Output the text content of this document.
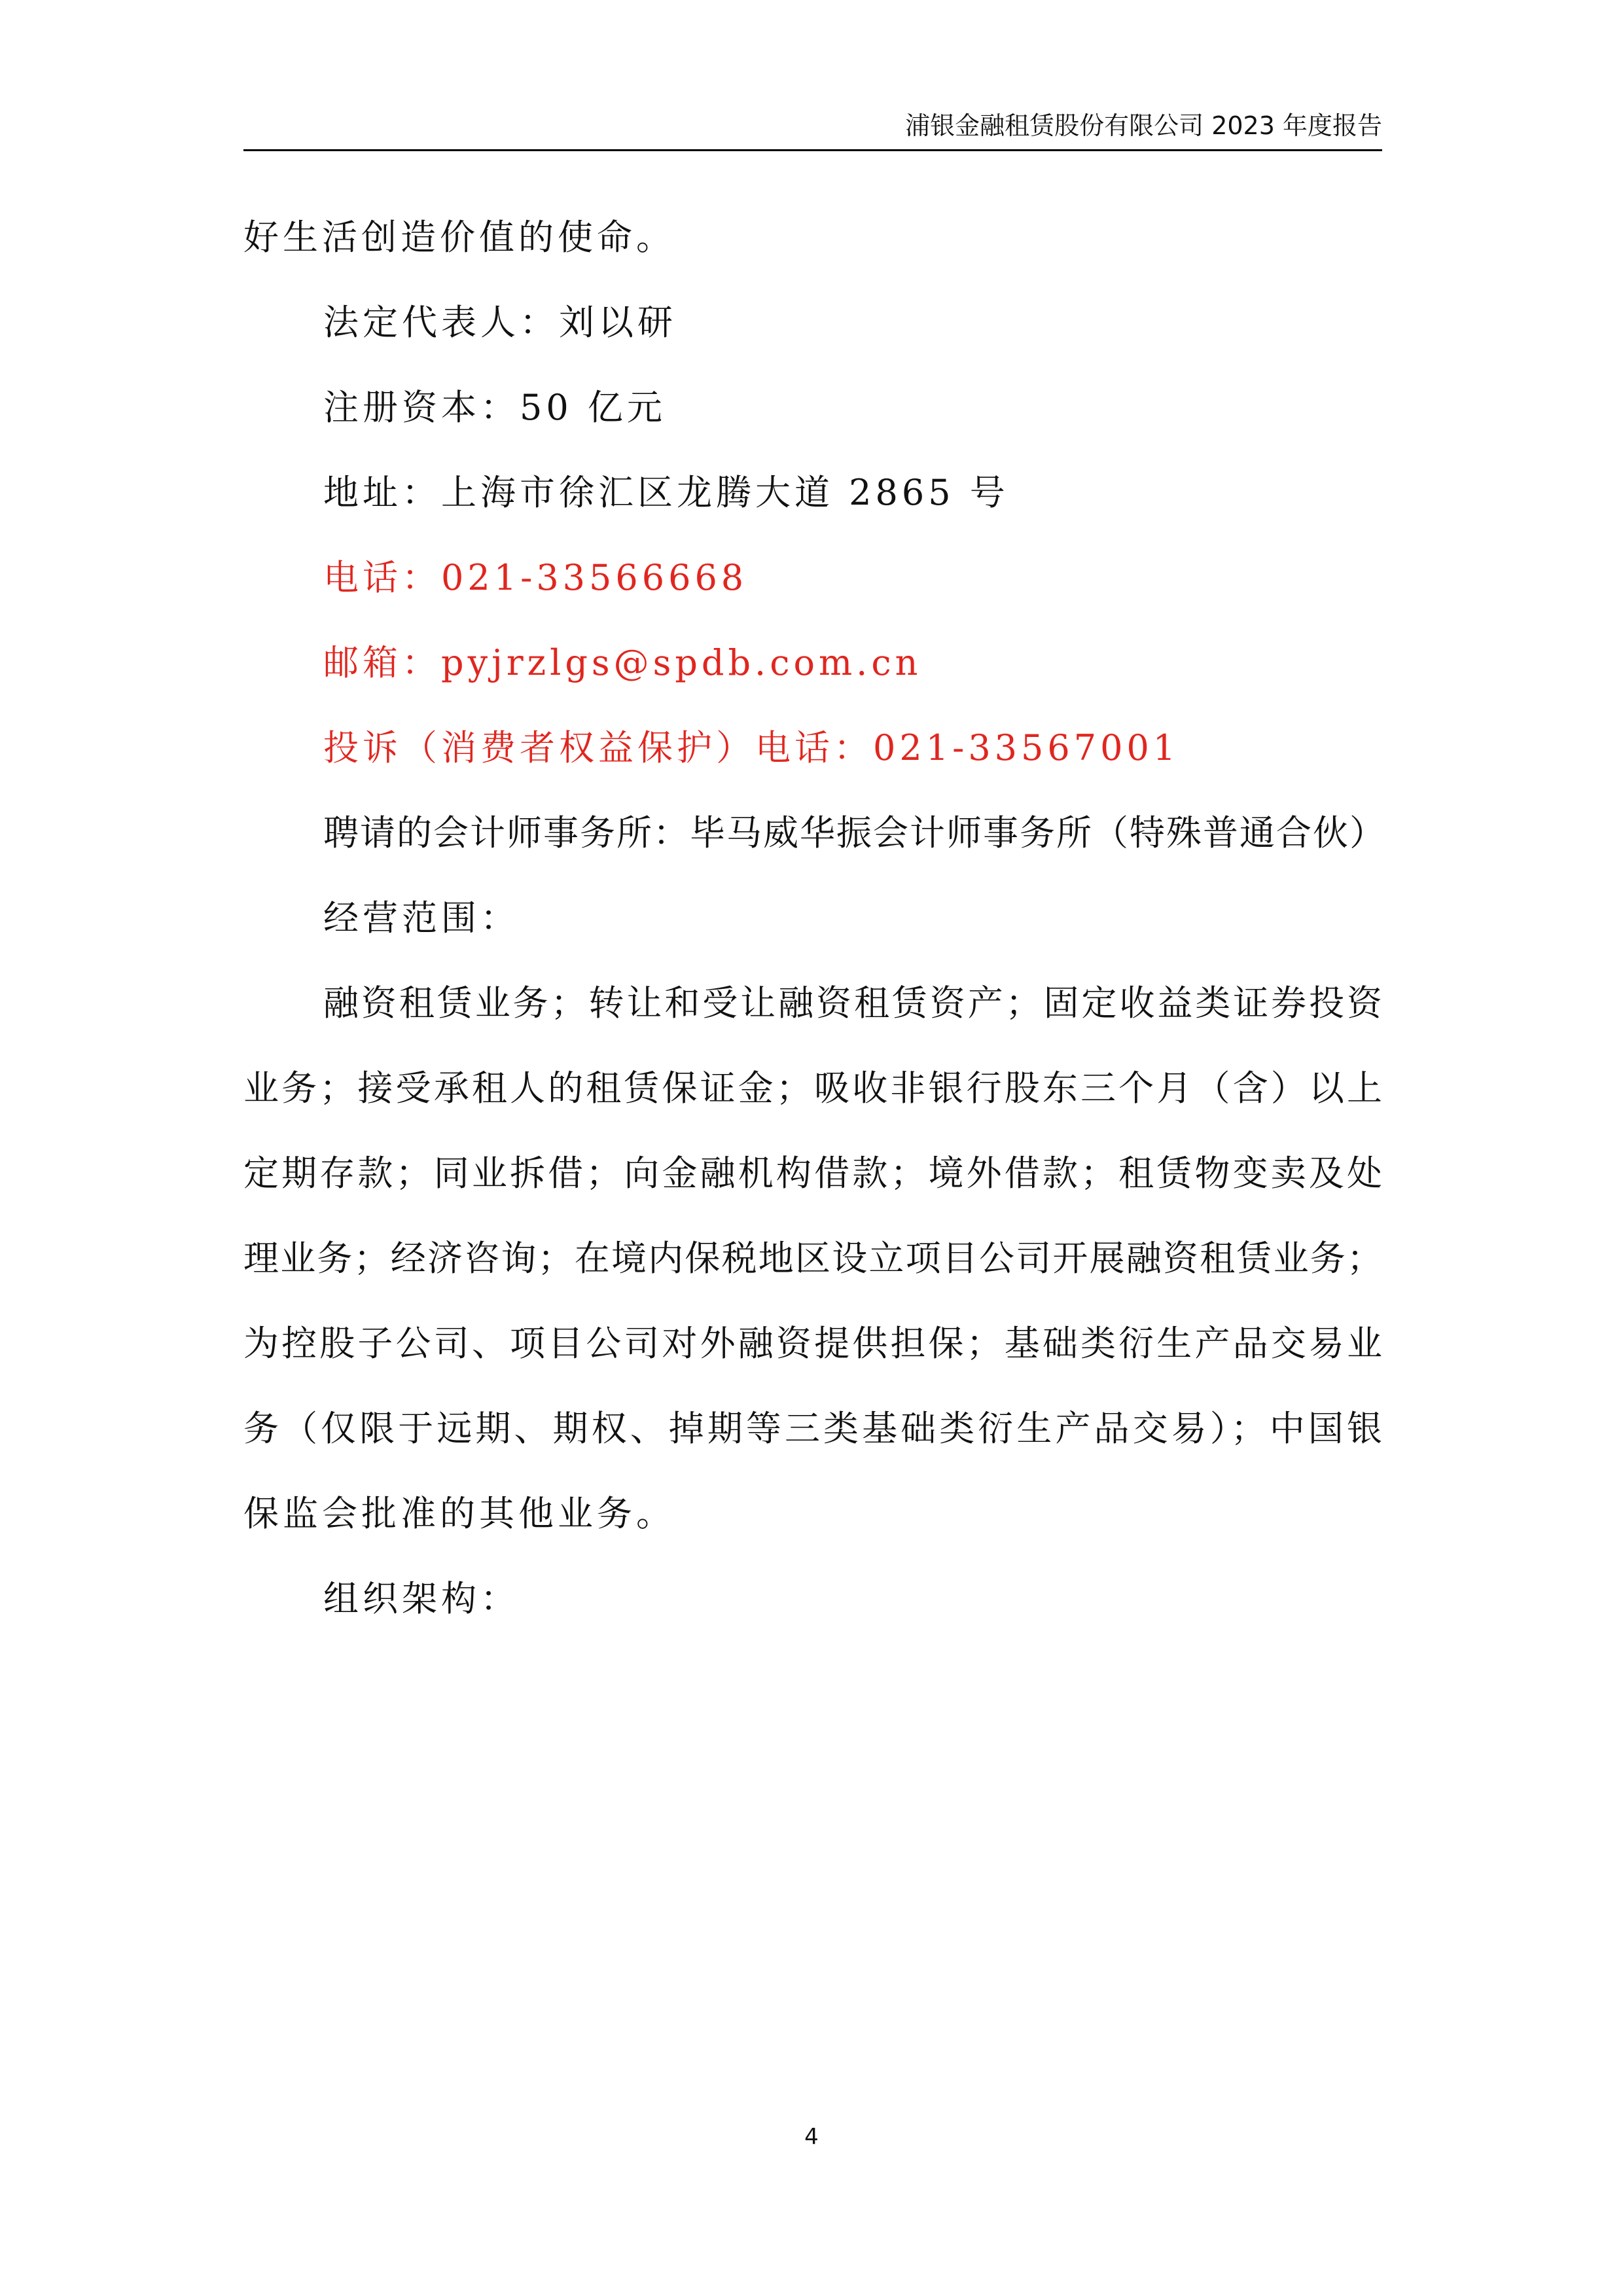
浦银金融租赁股份有限公司 2023 年度报告
好生活创造价值的使命。
法定代表人：刘以研
注册资本：50 亿元
地址：上海市徐汇区龙腾大道 2865 号
电话：021-33566668
邮箱：pyjrzlgs@spdb.com.cn
投诉（消费者权益保护）电话：021-33567001
聘请的会计师事务所：毕马威华振会计师事务所（特殊普通合伙）
经营范围：
融资租赁业务；转让和受让融资租赁资产；固定收益类证券投资
业务；接受承租人的租赁保证金；吸收非银行股东三个月（含）以上
定期存款；同业拆借；向金融机构借款；境外借款；租赁物变卖及处
理业务；经济咨询；在境内保税地区设立项目公司开展融资租赁业务；
为控股子公司、项目公司对外融资提供担保；基础类衍生产品交易业
务（仅限于远期、期权、掉期等三类基础类衍生产品交易）；中国银
保监会批准的其他业务。
组织架构：
4
